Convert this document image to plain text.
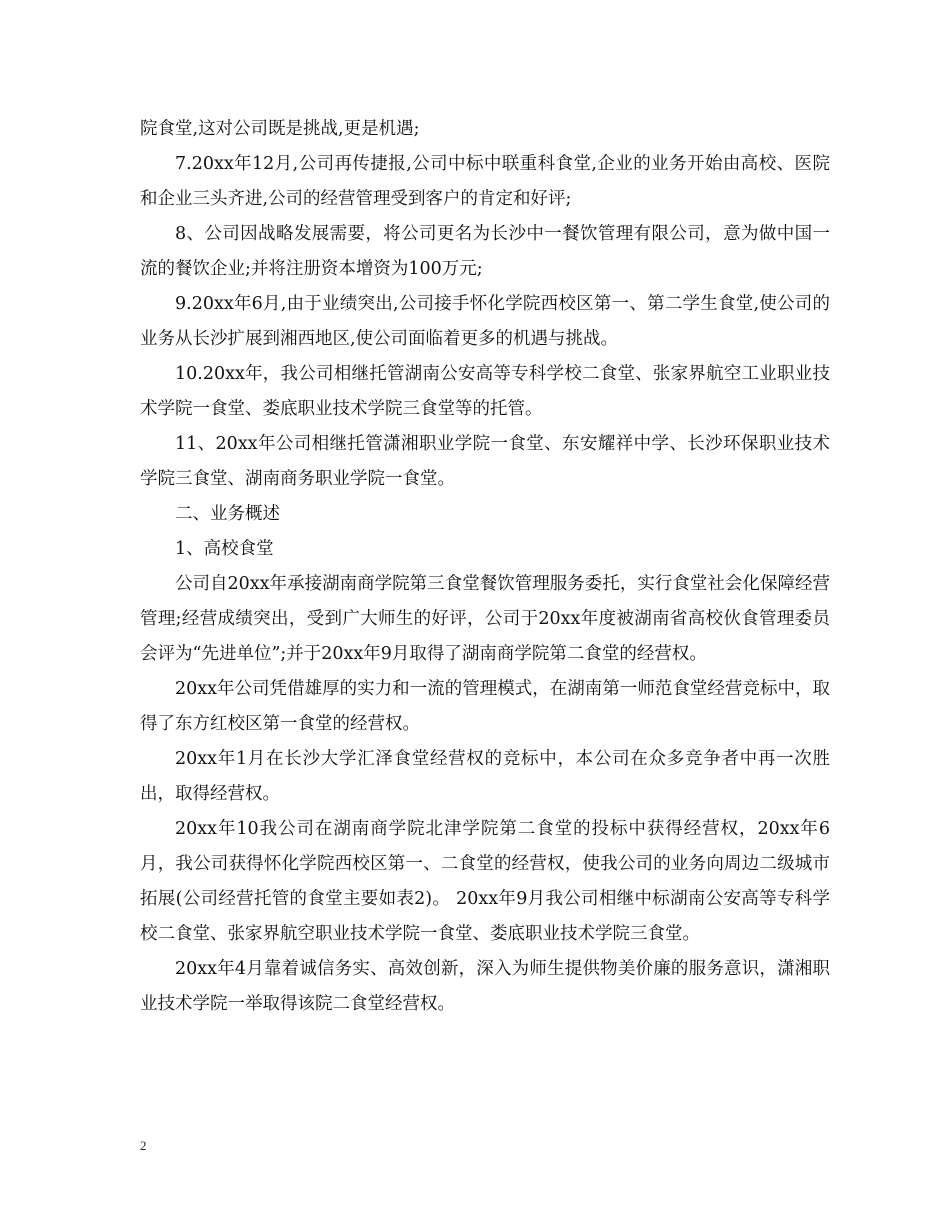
院食堂,这对公司既是挑战,更是机遇;

7.20xx年12月,公司再传捷报,公司中标中联重科食堂,企业的业务开始由高校、医院和企业三头齐进,公司的经营管理受到客户的肯定和好评;

8、公司因战略发展需要，将公司更名为长沙中一餐饮管理有限公司，意为做中国一流的餐饮企业;并将注册资本增资为100万元;

9.20xx年6月,由于业绩突出,公司接手怀化学院西校区第一、第二学生食堂,使公司的业务从长沙扩展到湘西地区,使公司面临着更多的机遇与挑战。

10.20xx年，我公司相继托管湖南公安高等专科学校二食堂、张家界航空工业职业技术学院一食堂、娄底职业技术学院三食堂等的托管。

11、20xx年公司相继托管潇湘职业学院一食堂、东安耀祥中学、长沙环保职业技术学院三食堂、湖南商务职业学院一食堂。

二、业务概述

1、高校食堂

公司自20xx年承接湖南商学院第三食堂餐饮管理服务委托，实行食堂社会化保障经营管理;经营成绩突出，受到广大师生的好评，公司于20xx年度被湖南省高校伙食管理委员会评为“先进单位”;并于20xx年9月取得了湖南商学院第二食堂的经营权。

20xx年公司凭借雄厚的实力和一流的管理模式，在湖南第一师范食堂经营竞标中，取得了东方红校区第一食堂的经营权。

20xx年1月在长沙大学汇泽食堂经营权的竞标中，本公司在众多竞争者中再一次胜出，取得经营权。

20xx年10我公司在湖南商学院北津学院第二食堂的投标中获得经营权，20xx年6月，我公司获得怀化学院西校区第一、二食堂的经营权，使我公司的业务向周边二级城市拓展(公司经营托管的食堂主要如表2)。 20xx年9月我公司相继中标湖南公安高等专科学校二食堂、张家界航空职业技术学院一食堂、娄底职业技术学院三食堂。

20xx年4月靠着诚信务实、高效创新，深入为师生提供物美价廉的服务意识，潇湘职业技术学院一举取得该院二食堂经营权。

2
